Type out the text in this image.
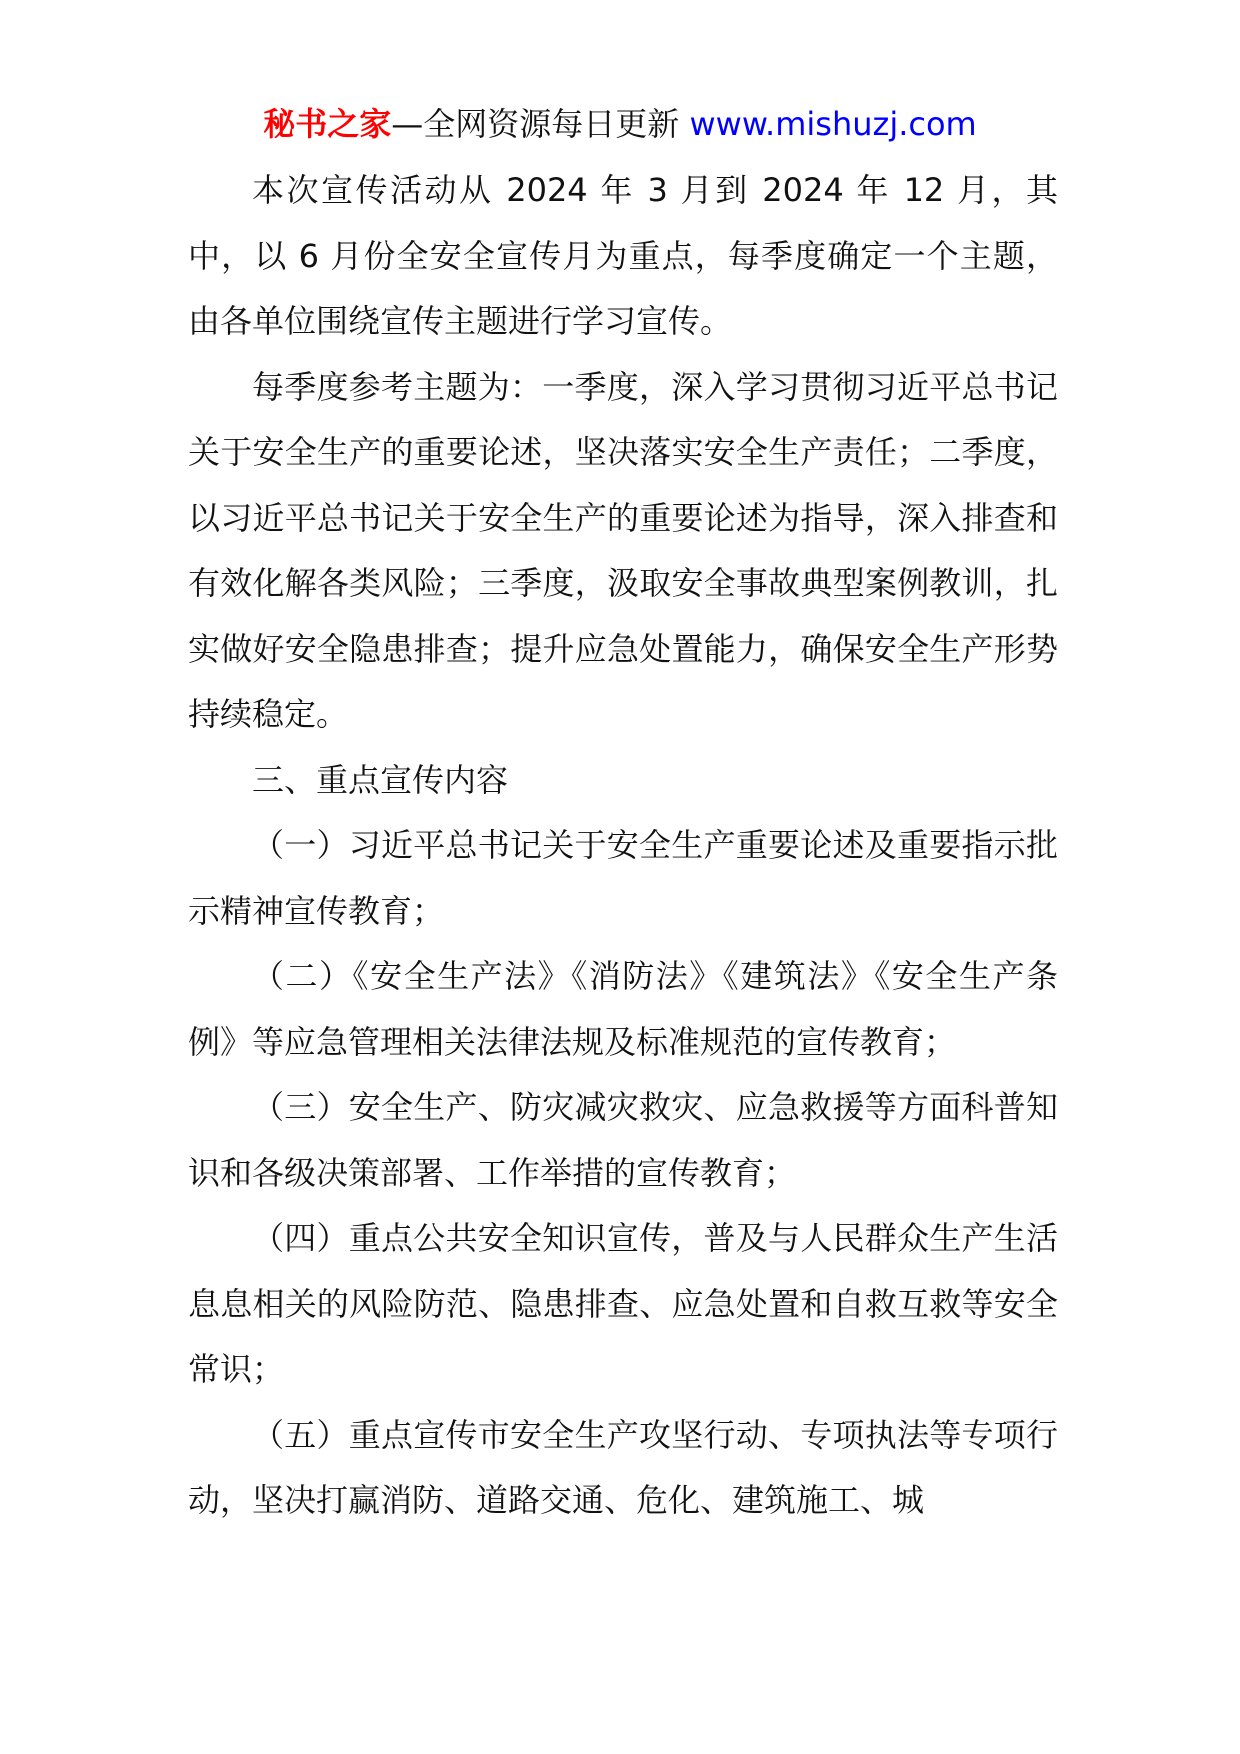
秘书之家—全网资源每日更新 www.mishuzj.com

本次宣传活动从 2024 年 3 月到 2024 年 12 月，其中，以 6 月份全安全宣传月为重点，每季度确定一个主题，由各单位围绕宣传主题进行学习宣传。

每季度参考主题为：一季度，深入学习贯彻习近平总书记关于安全生产的重要论述，坚决落实安全生产责任；二季度，以习近平总书记关于安全生产的重要论述为指导，深入排查和有效化解各类风险；三季度，汲取安全事故典型案例教训，扎实做好安全隐患排查；提升应急处置能力，确保安全生产形势持续稳定。

三、重点宣传内容

（一）习近平总书记关于安全生产重要论述及重要指示批示精神宣传教育；

（二）《安全生产法》《消防法》《建筑法》《安全生产条例》等应急管理相关法律法规及标准规范的宣传教育；

（三）安全生产、防灾减灾救灾、应急救援等方面科普知识和各级决策部署、工作举措的宣传教育；

（四）重点公共安全知识宣传，普及与人民群众生产生活息息相关的风险防范、隐患排查、应急处置和自救互救等安全常识；

（五）重点宣传市安全生产攻坚行动、专项执法等专项行动，坚决打赢消防、道路交通、危化、建筑施工、城
